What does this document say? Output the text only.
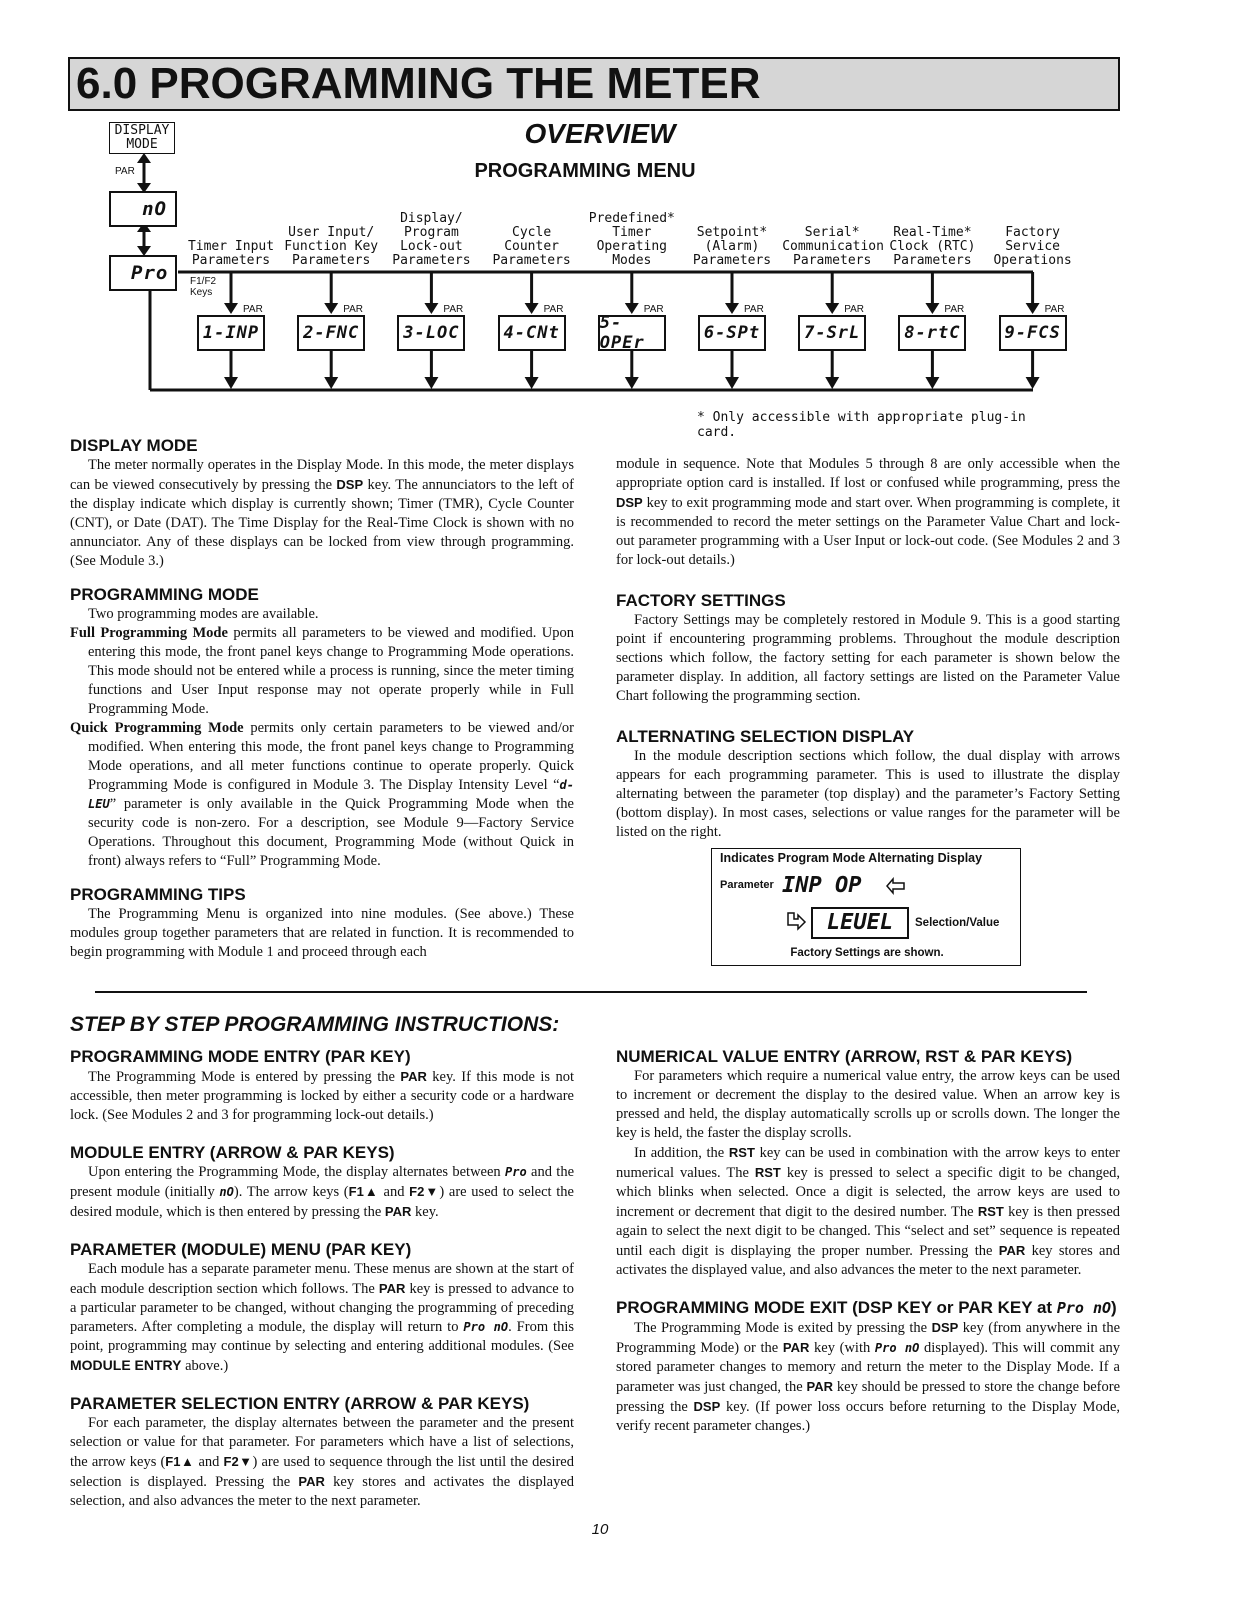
6.0 PROGRAMMING THE METER
OVERVIEW
PROGRAMMING MENU
DISPLAY MODE
PAR
nO
Pro	F1/F2 Keys
Timer Input Parameters
PAR
1-INP
User Input/ Function Key Parameters
PAR
2-FNC
Display/ Program Lock-out Parameters
PAR
3-LOC
Cycle Counter Parameters
PAR
4-CNt
Predefined* Timer Operating Modes
PAR
5-OPEr
Setpoint* (Alarm) Parameters
PAR
6-SPt
Serial* Communication Parameters
PAR
7-SrL
Real-Time* Clock (RTC) Parameters
PAR
8-rtC
Factory Service Operations
PAR
9-FCS
* Only accessible with appropriate plug-in card.

DISPLAY MODE

The meter normally operates in the Display Mode. In this mode, the meter displays can be viewed consecutively by pressing the DSP key. The annunciators to the left of the display indicate which display is currently shown; Timer (TMR), Cycle Counter (CNT), or Date (DAT). The Time Display for the Real-Time Clock is shown with no annunciator. Any of these displays can be locked from view through programming. (See Module 3.)

PROGRAMMING MODE

Two programming modes are available.

Full Programming Mode permits all parameters to be viewed and modified. Upon entering this mode, the front panel keys change to Programming Mode operations. This mode should not be entered while a process is running, since the meter timing functions and User Input response may not operate properly while in Full Programming Mode.

Quick Programming Mode permits only certain parameters to be viewed and/or modified. When entering this mode, the front panel keys change to Programming Mode operations, and all meter functions continue to operate properly. Quick Programming Mode is configured in Module 3. The Display Intensity Level “d-LEU” parameter is only available in the Quick Programming Mode when the security code is non-zero. For a description, see Module 9—Factory Service Operations. Throughout this document, Programming Mode (without Quick in front) always refers to “Full” Programming Mode.

PROGRAMMING TIPS

The Programming Menu is organized into nine modules. (See above.) These modules group together parameters that are related in function. It is recommended to begin programming with Module 1 and proceed through each

module in sequence. Note that Modules 5 through 8 are only accessible when the appropriate option card is installed. If lost or confused while programming, press the DSP key to exit programming mode and start over. When programming is complete, it is recommended to record the meter settings on the Parameter Value Chart and lock-out parameter programming with a User Input or lock-out code. (See Modules 2 and 3 for lock-out details.)

FACTORY SETTINGS

Factory Settings may be completely restored in Module 9. This is a good starting point if encountering programming problems. Throughout the module description sections which follow, the factory setting for each parameter is shown below the parameter display. In addition, all factory settings are listed on the Parameter Value Chart following the programming section.

ALTERNATING SELECTION DISPLAY

In the module description sections which follow, the dual display with arrows appears for each programming parameter. This is used to illustrate the display alternating between the parameter (top display) and the parameter’s Factory Setting (bottom display). In most cases, selections or value ranges for the parameter will be listed on the right.

Indicates Program Mode Alternating Display
Parameter INP OP
LEUEL	Selection/Value
Factory Settings are shown.
STEP BY STEP PROGRAMMING INSTRUCTIONS:

PROGRAMMING MODE ENTRY (PAR KEY)

The Programming Mode is entered by pressing the PAR key. If this mode is not accessible, then meter programming is locked by either a security code or a hardware lock. (See Modules 2 and 3 for programming lock-out details.)

MODULE ENTRY (ARROW & PAR KEYS)

Upon entering the Programming Mode, the display alternates between Pro and the present module (initially nO). The arrow keys (F1▲ and F2▼) are used to select the desired module, which is then entered by pressing the PAR key.

PARAMETER (MODULE) MENU (PAR KEY)

Each module has a separate parameter menu. These menus are shown at the start of each module description section which follows. The PAR key is pressed to advance to a particular parameter to be changed, without changing the programming of preceding parameters. After completing a module, the display will return to Pro nO. From this point, programming may continue by selecting and entering additional modules. (See MODULE ENTRY above.)

PARAMETER SELECTION ENTRY (ARROW & PAR KEYS)

For each parameter, the display alternates between the parameter and the present selection or value for that parameter. For parameters which have a list of selections, the arrow keys (F1▲ and F2▼) are used to sequence through the list until the desired selection is displayed. Pressing the PAR key stores and activates the displayed selection, and also advances the meter to the next parameter.

NUMERICAL VALUE ENTRY (ARROW, RST & PAR KEYS)

For parameters which require a numerical value entry, the arrow keys can be used to increment or decrement the display to the desired value. When an arrow key is pressed and held, the display automatically scrolls up or scrolls down. The longer the key is held, the faster the display scrolls.

In addition, the RST key can be used in combination with the arrow keys to enter numerical values. The RST key is pressed to select a specific digit to be changed, which blinks when selected. Once a digit is selected, the arrow keys are used to increment or decrement that digit to the desired number. The RST key is then pressed again to select the next digit to be changed. This “select and set” sequence is repeated until each digit is displaying the proper number. Pressing the PAR key stores and activates the displayed value, and also advances the meter to the next parameter.

PROGRAMMING MODE EXIT (DSP KEY or PAR KEY at Pro nO)

The Programming Mode is exited by pressing the DSP key (from anywhere in the Programming Mode) or the PAR key (with Pro nO displayed). This will commit any stored parameter changes to memory and return the meter to the Display Mode. If a parameter was just changed, the PAR key should be pressed to store the change before pressing the DSP key. (If power loss occurs before returning to the Display Mode, verify recent parameter changes.)

10
